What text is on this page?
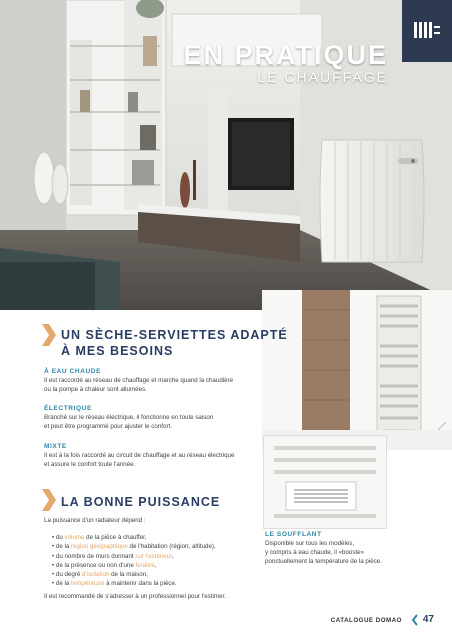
EN PRATIQUE
LE CHAUFFAGE
UN SÈCHE-SERVIETTES ADAPTÉ
À MES BESOINS
À EAU CHAUDE
Il est raccordé au réseau de chauffage et marche quand la chaudière
ou la pompe à chaleur sont allumées.
ÉLECTRIQUE
Branché sur le réseau électrique, il fonctionne en toute saison
et peut être programmé pour ajuster le confort.
MIXTE
Il est à la fois raccordé au circuit de chauffage et au réseau électrique
et assure le confort toute l'année.
LA BONNE PUISSANCE
La puissance d'un radiateur dépend :
• du volume de la pièce à chauffer,
• de la région géographique de l'habitation (région, altitude),
• du nombre de murs donnant sur l'extérieur,
• de la présence ou non d'une fenêtre,
• du degré d'isolation de la maison,
• de la température à maintenir dans la pièce.
Il est recommandé de s'adresser à un professionnel pour l'estimer.
LE SOUFFLANT
Disponible sur tous les modèles,
y compris à eau chaude, il «booste»
ponctuellement la température de la pièce.
CATALOGUE DOMAO 47
